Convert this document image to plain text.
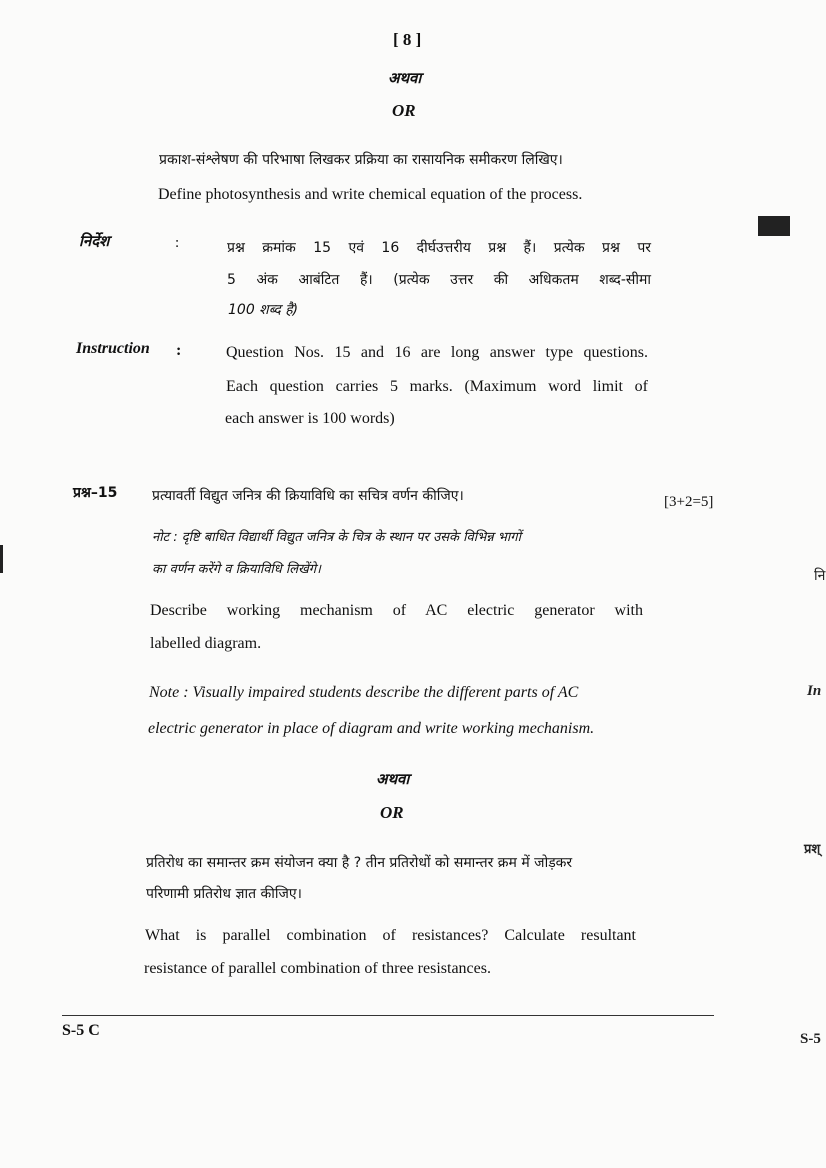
[ 8 ]
अथवा
OR
प्रकाश-संश्लेषण की परिभाषा लिखकर प्रक्रिया का रासायनिक समीकरण लिखिए।
Define photosynthesis and write chemical equation of the process.
निर्देश	:	प्रश्न क्रमांक 15 एवं 16 दीर्घउत्तरीय प्रश्न हैं। प्रत्येक प्रश्न पर
5 अंक आबंटित हैं। (प्रत्येक उत्तर की अधिकतम शब्द-सीमा
100 शब्द है)
Instruction :	Question Nos. 15 and 16 are long answer type questions.
Each question carries 5 marks. (Maximum word limit of
each answer is 100 words)
प्रश्न–15 प्रत्यावर्ती विद्युत जनित्र की क्रियाविधि का सचित्र वर्णन कीजिए।	[3+2=5]
नोट : दृष्टि बाधित विद्यार्थी विद्युत जनित्र के चित्र के स्थान पर उसके विभिन्न भागों
का वर्णन करेंगे व क्रियाविधि लिखेंगे।
Describe working mechanism of AC electric generator with
labelled diagram.
Note : Visually impaired students describe the different parts of AC
electric generator in place of diagram and write working mechanism.
अथवा
OR
प्रतिरोध का समान्तर क्रम संयोजन क्या है ? तीन प्रतिरोधों को समान्तर क्रम में जोड़कर
परिणामी प्रतिरोध ज्ञात कीजिए।
What is parallel combination of resistances? Calculate resultant
resistance of parallel combination of three resistances.
S-5 C
नि
In
प्रश्
S-5
